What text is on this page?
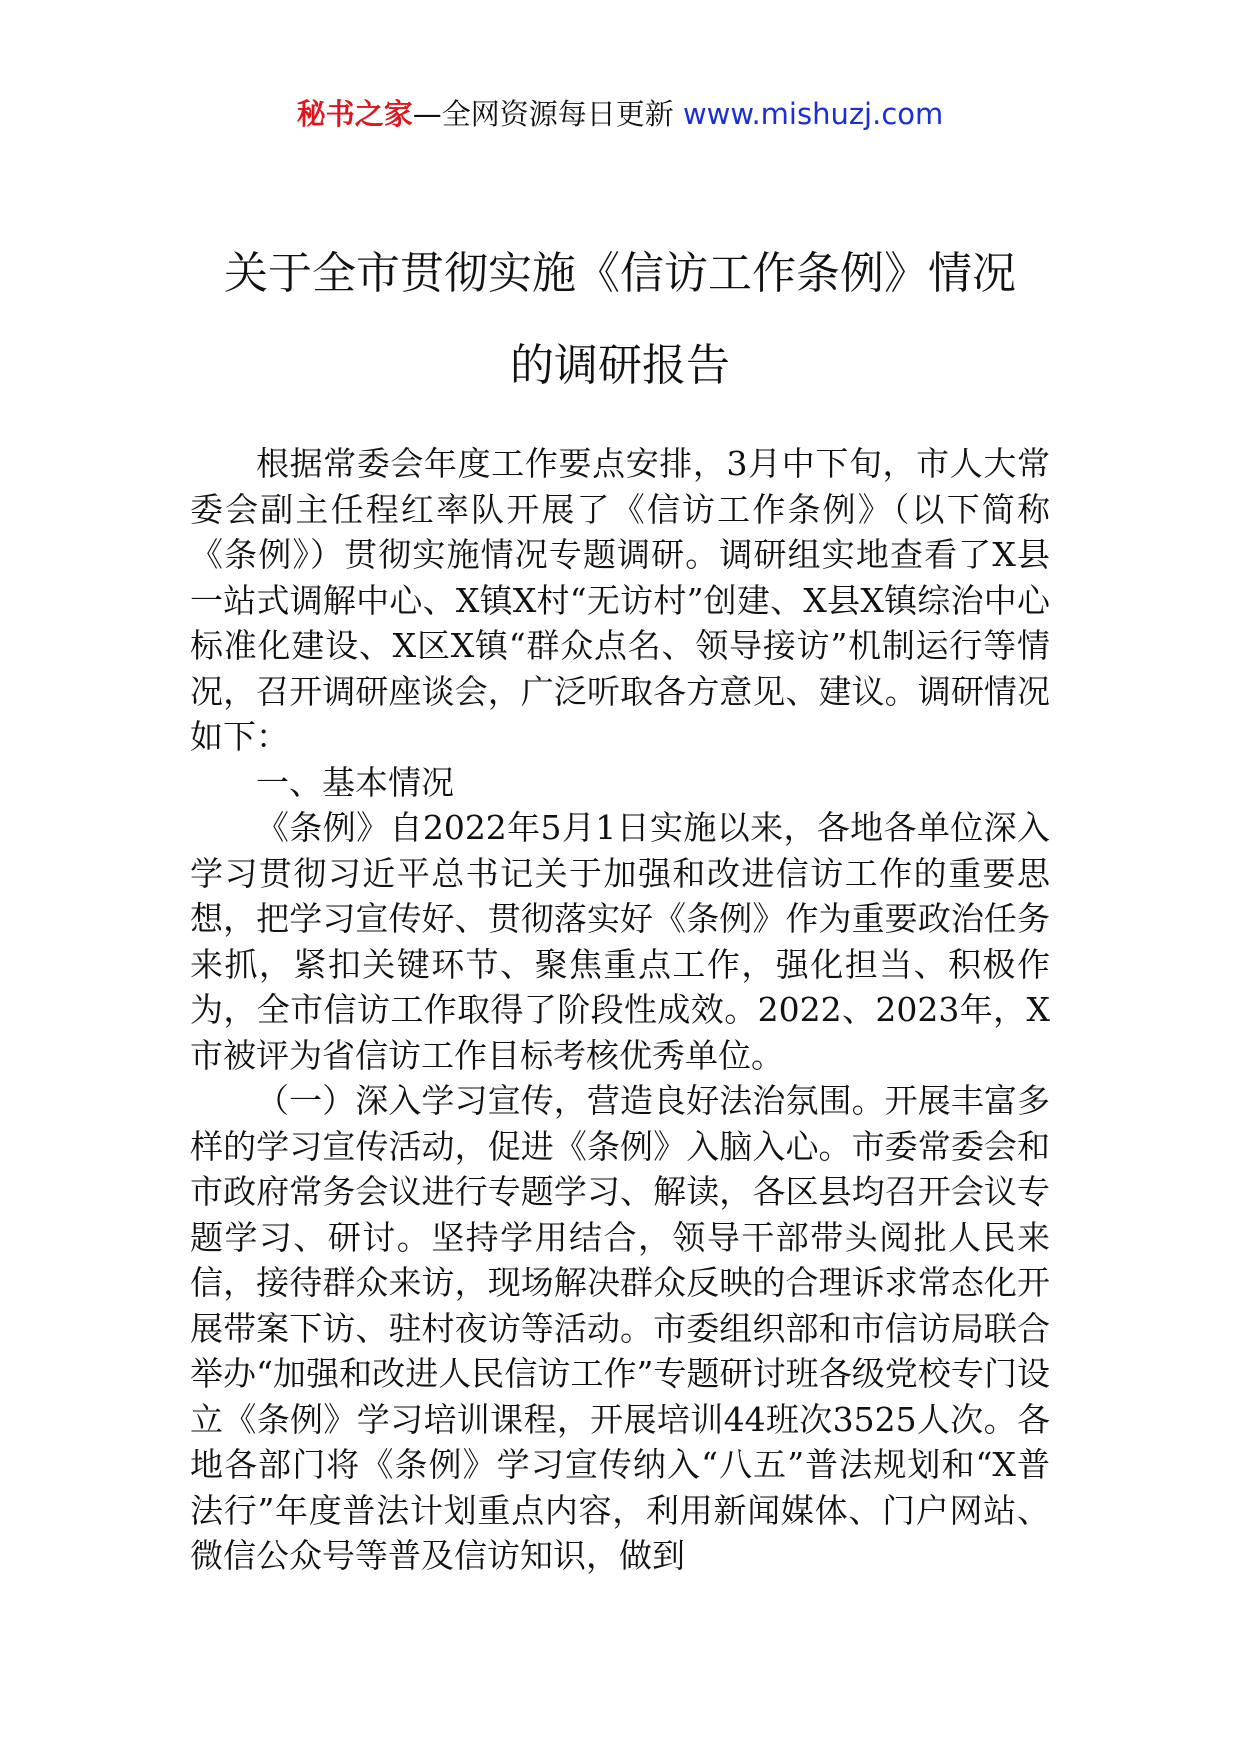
秘书之家—全网资源每日更新 www.mishuzj.com
关于全市贯彻实施《信访工作条例》情况
的调研报告

根据常委会年度工作要点安排，3月中下旬，市人大常委会副主任程红率队开展了《信访工作条例》（以下简称《条例》）贯彻实施情况专题调研。调研组实地查看了X县一站式调解中心、X镇X村“无访村”创建、X县X镇综治中心标准化建设、X区X镇“群众点名、领导接访”机制运行等情况，召开调研座谈会，广泛听取各方意见、建议。调研情况如下：

一、基本情况

《条例》自2022年5月1日实施以来，各地各单位深入学习贯彻习近平总书记关于加强和改进信访工作的重要思想，把学习宣传好、贯彻落实好《条例》作为重要政治任务来抓，紧扣关键环节、聚焦重点工作，强化担当、积极作为，全市信访工作取得了阶段性成效。2022、2023年，X市被评为省信访工作目标考核优秀单位。

（一）深入学习宣传，营造良好法治氛围。开展丰富多样的学习宣传活动，促进《条例》入脑入心。市委常委会和市政府常务会议进行专题学习、解读，各区县均召开会议专题学习、研讨。坚持学用结合，领导干部带头阅批人民来信，接待群众来访，现场解决群众反映的合理诉求常态化开展带案下访、驻村夜访等活动。市委组织部和市信访局联合举办“加强和改进人民信访工作”专题研讨班各级党校专门设立《条例》学习培训课程，开展培训44班次3525人次。各地各部门将《条例》学习宣传纳入“八五”普法规划和“X普法行”年度普法计划重点内容，利用新闻媒体、门户网站、微信公众号等普及信访知识，做到
